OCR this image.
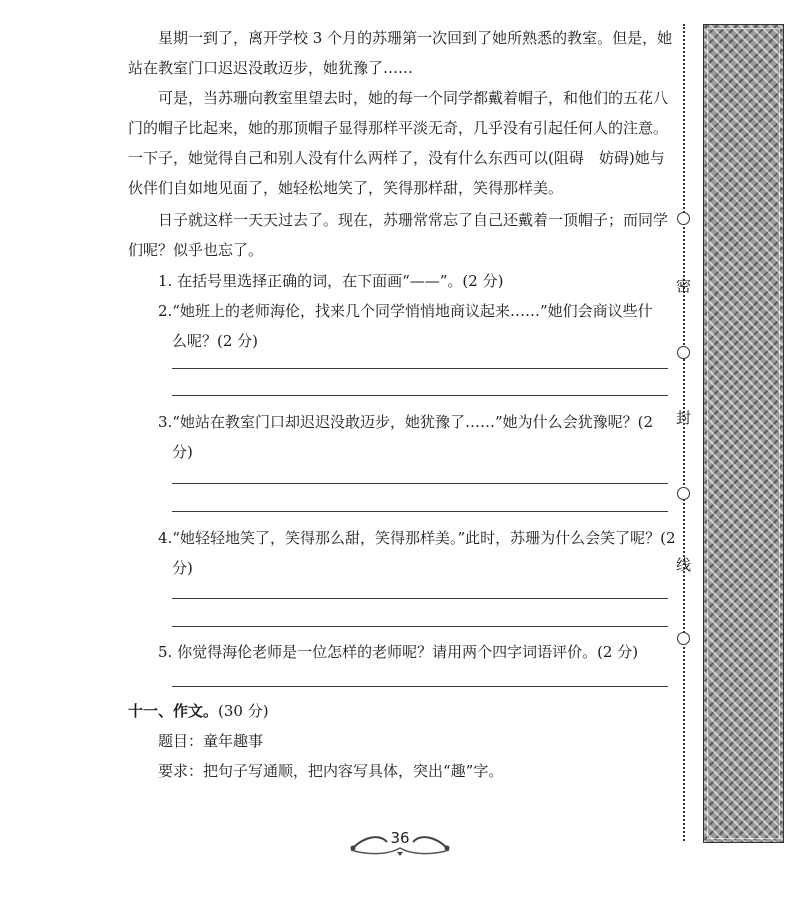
星期一到了，离开学校 3 个月的苏珊第一次回到了她所熟悉的教室。但是，她
站在教室门口迟迟没敢迈步，她犹豫了……
可是，当苏珊向教室里望去时，她的每一个同学都戴着帽子，和他们的五花八
门的帽子比起来，她的那顶帽子显得那样平淡无奇，几乎没有引起任何人的注意。
一下子，她觉得自己和别人没有什么两样了，没有什么东西可以(阻碍　妨碍)她与
伙伴们自如地见面了，她轻松地笑了，笑得那样甜，笑得那样美。
日子就这样一天天过去了。现在，苏珊常常忘了自己还戴着一顶帽子；而同学
们呢？似乎也忘了。
1. 在括号里选择正确的词，在下面画“——”。(2 分)
2.“她班上的老师海伦，找来几个同学悄悄地商议起来……”她们会商议些什
么呢？(2 分)
3.“她站在教室门口却迟迟没敢迈步，她犹豫了……”她为什么会犹豫呢？(2
分)
4.“她轻轻地笑了，笑得那么甜，笑得那样美。”此时，苏珊为什么会笑了呢？(2
分)
5. 你觉得海伦老师是一位怎样的老师呢？请用两个四字词语评价。(2 分)
十一、作文。(30 分)
题目：童年趣事
要求：把句子写通顺，把内容写具体，突出“趣”字。
密
封
线
36
